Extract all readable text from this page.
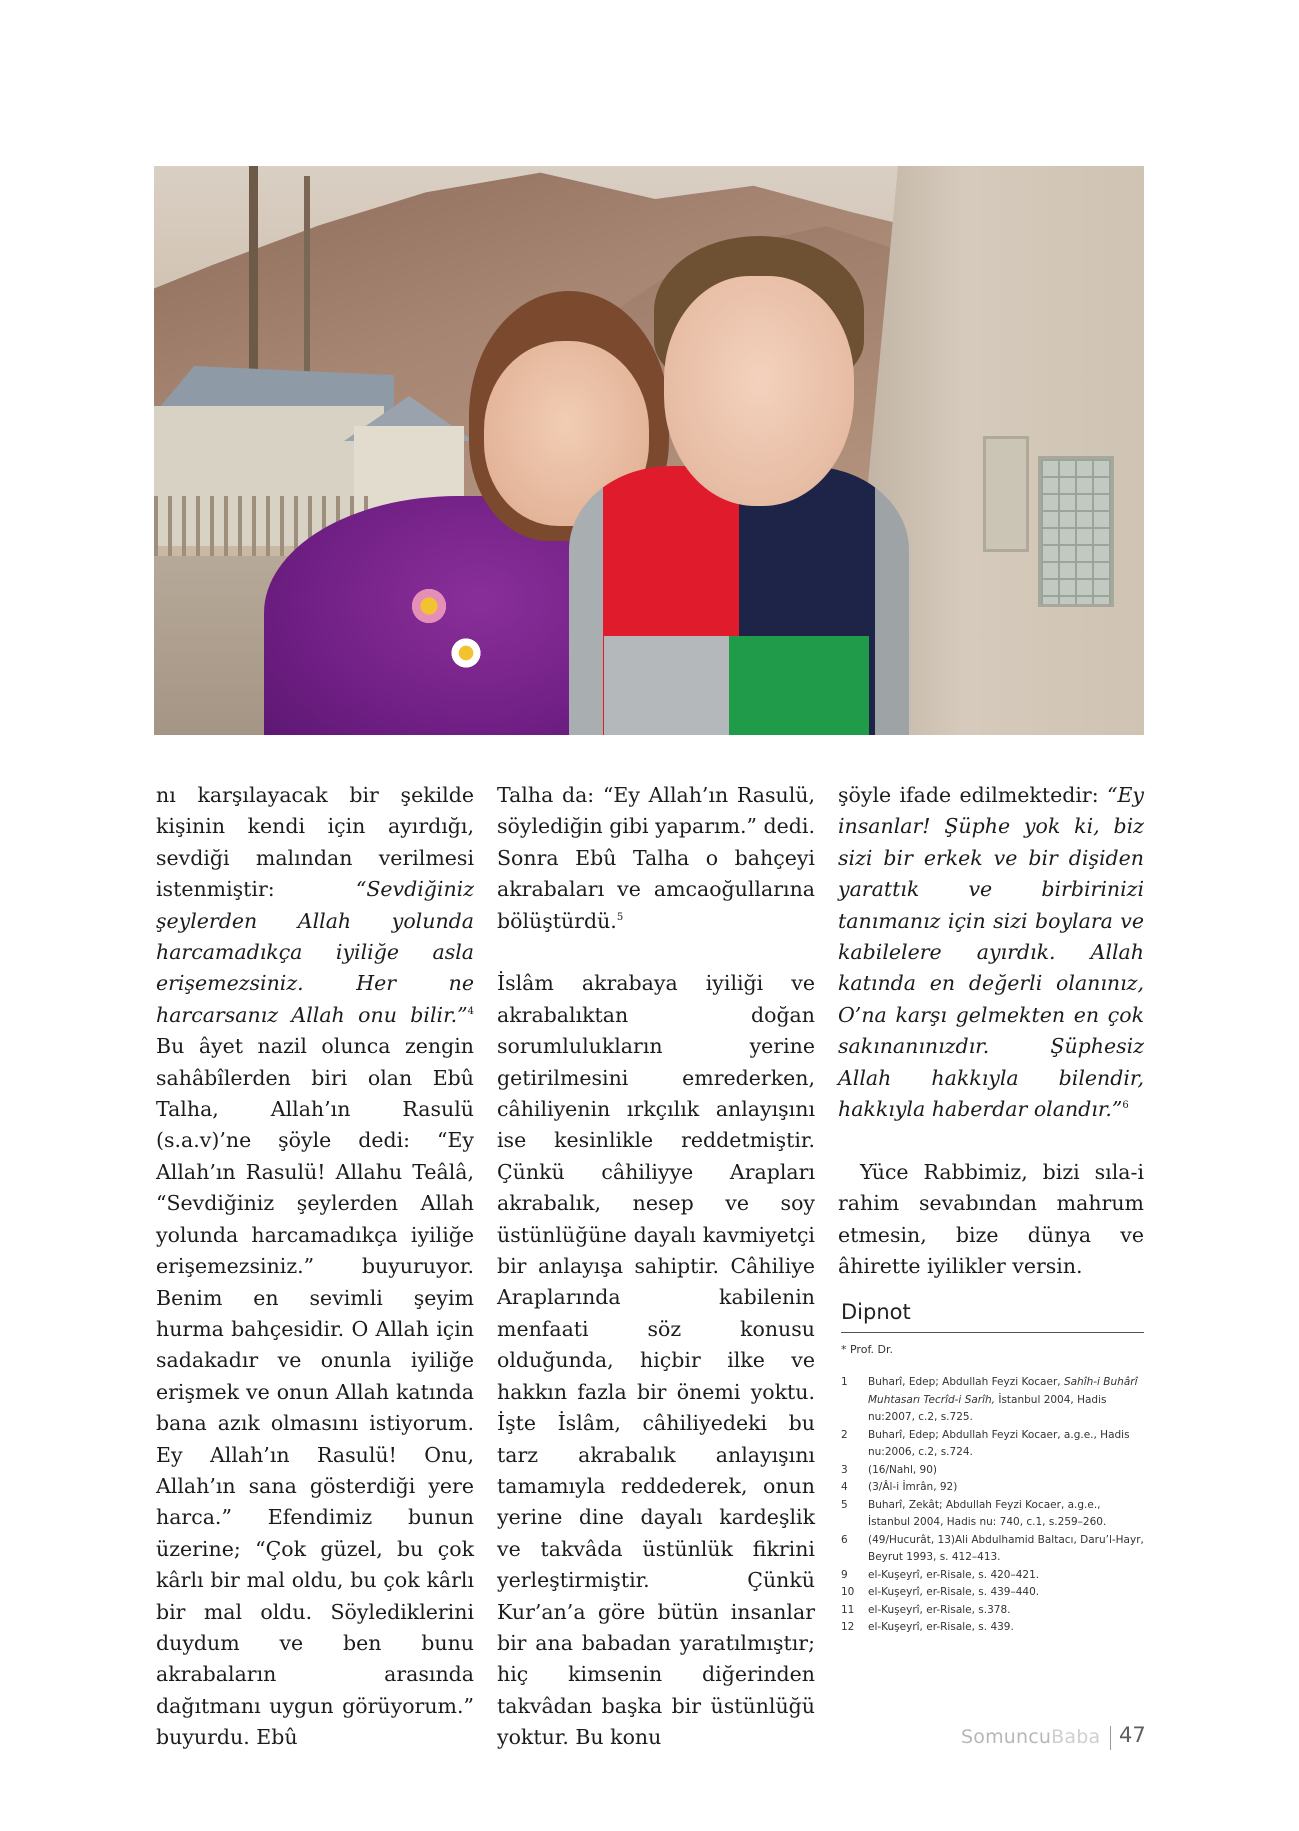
nı karşılayacak bir şekilde kişinin kendi için ayırdığı, sevdiği malından verilmesi istenmiştir: “Sevdiğiniz şeylerden Allah yolunda harcamadıkça iyiliğe asla erişemezsiniz. Her ne harcarsanız Allah onu bilir.”$^4$ Bu âyet nazil olunca zengin sahâbîlerden biri olan Ebû Talha, Allah’ın Rasulü (s.a.v)’ne şöyle dedi: “Ey Allah’ın Rasulü! Allahu Teâlâ, “Sevdiğiniz şeylerden Allah yolunda harcamadıkça iyiliğe erişemezsiniz.” buyuruyor. Benim en sevimli şeyim hurma bahçesidir. O Allah için sadakadır ve onunla iyiliğe erişmek ve onun Allah katında bana azık olmasını istiyorum. Ey Allah’ın Rasulü! Onu, Allah’ın sana gösterdiği yere harca.” Efendimiz bunun üzerine; “Çok güzel, bu çok kârlı bir mal oldu, bu çok kârlı bir mal oldu. Söylediklerini duydum ve ben bunu akrabaların arasında dağıtmanı uygun görüyorum.” buyurdu. Ebû

Talha da: “Ey Allah’ın Rasulü, söylediğin gibi yaparım.” dedi. Sonra Ebû Talha o bahçeyi akrabaları ve amcaoğullarına bölüştürdü.$^5$

İslâm akrabaya iyiliği ve akrabalıktan doğan sorumlulukların yerine getirilmesini emrederken, câhiliyenin ırkçılık anlayışını ise kesinlikle reddetmiştir. Çünkü câhiliyye Arapları akrabalık, nesep ve soy üstünlüğüne dayalı kavmiyetçi bir anlayışa sahiptir. Câhiliye Araplarında kabilenin menfaati söz konusu olduğunda, hiçbir ilke ve hakkın fazla bir önemi yoktu. İşte İslâm, câhiliyedeki bu tarz akrabalık anlayışını tamamıyla reddederek, onun yerine dine dayalı kardeşlik ve takvâda üstünlük fikrini yerleştirmiştir. Çünkü Kur’an’a göre bütün insanlar bir ana babadan yaratılmıştır; hiç kimsenin diğerinden takvâdan başka bir üstünlüğü yoktur. Bu konu

şöyle ifade edilmektedir: “Ey insanlar! Şüphe yok ki, biz sizi bir erkek ve bir dişiden yarattık ve birbirinizi tanımanız için sizi boylara ve kabilelere ayırdık. Allah katında en değerli olanınız, O’na karşı gelmekten en çok sakınanınızdır. Şüphesiz Allah hakkıyla bilendir, hakkıyla haberdar olandır.”$^6$

Yüce Rabbimiz, bizi sıla-i rahim sevabından mahrum etmesin, bize dünya ve âhirette iyilikler versin.

Dipnot
* Prof. Dr.
1	Buharî, Edep; Abdullah Feyzi Kocaer, Sahîh-i Buhârî Muhtasarı Tecrîd-i Sarîh, İstanbul 2004, Hadis nu:2007, c.2, s.725.
2	Buharî, Edep; Abdullah Feyzi Kocaer, a.g.e., Hadis nu:2006, c.2, s.724.
3	(16/Nahl, 90)
4	(3/Âl-i İmrân, 92)
5	Buharî, Zekât; Abdullah Feyzi Kocaer, a.g.e., İstanbul 2004, Hadis nu: 740, c.1, s.259–260.
6	(49/Hucurât, 13)Ali Abdulhamid Baltacı, Daru’l-Hayr, Beyrut 1993, s. 412–413.
9	el-Kuşeyrî, er-Risale, s. 420–421.
10	el-Kuşeyrî, er-Risale, s. 439–440.
11	el-Kuşeyrî, er-Risale, s.378.
12	el-Kuşeyrî, er-Risale, s. 439.
SomuncuBaba 47
